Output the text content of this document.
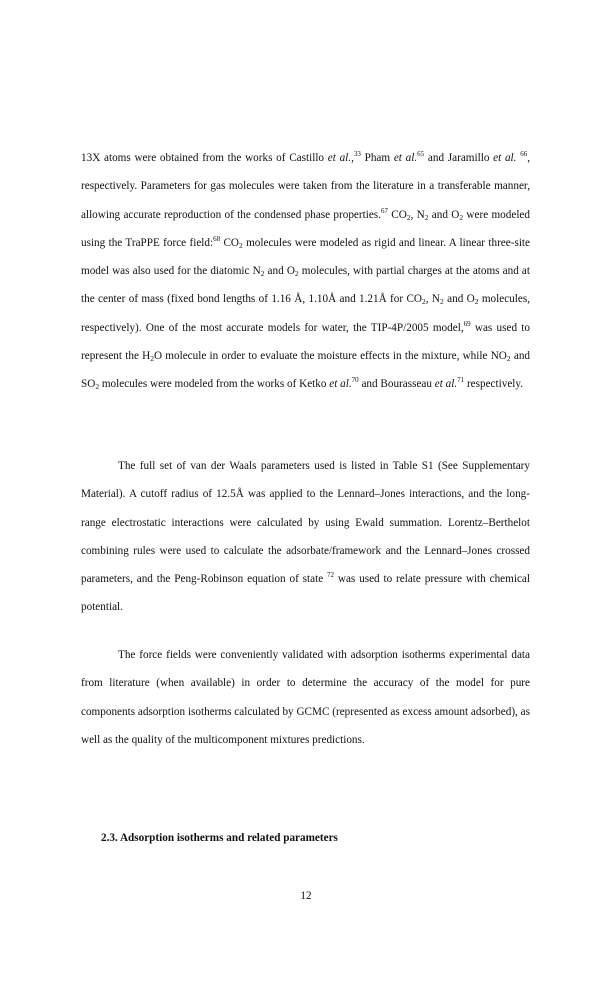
13X atoms were obtained from the works of Castillo et al.,$^{33}$ Pham et al.$^{65}$ and Jaramillo et al. $^{66}$, respectively. Parameters for gas molecules were taken from the literature in a transferable manner, allowing accurate reproduction of the condensed phase properties.$^{67}$ $CO_2$, $N_2$ and $O_2$ were modeled using the TraPPE force field:$^{68}$ $CO_2$ molecules were modeled as rigid and linear. A linear three-site model was also used for the diatomic $N_2$ and $O_2$ molecules, with partial charges at the atoms and at the center of mass (fixed bond lengths of 1.16 Å, 1.10Å and 1.21Å for $CO_2$, $N_2$ and $O_2$ molecules, respectively). One of the most accurate models for water, the TIP-4P/2005 model,$^{69}$ was used to represent the $H_2O$ molecule in order to evaluate the moisture effects in the mixture, while $NO_2$ and $SO_2$ molecules were modeled from the works of Ketko et al.$^{70}$ and Bourasseau et al.$^{71}$ respectively.

The full set of van der Waals parameters used is listed in Table S1 (See Supplementary Material). A cutoff radius of 12.5Å was applied to the Lennard–Jones interactions, and the long-range electrostatic interactions were calculated by using Ewald summation. Lorentz–Berthelot combining rules were used to calculate the adsorbate/framework and the Lennard–Jones crossed parameters, and the Peng-Robinson equation of state $^{72}$ was used to relate pressure with chemical potential.

The force fields were conveniently validated with adsorption isotherms experimental data from literature (when available) in order to determine the accuracy of the model for pure components adsorption isotherms calculated by GCMC (represented as excess amount adsorbed), as well as the quality of the multicomponent mixtures predictions.

2.3. Adsorption isotherms and related parameters
12
